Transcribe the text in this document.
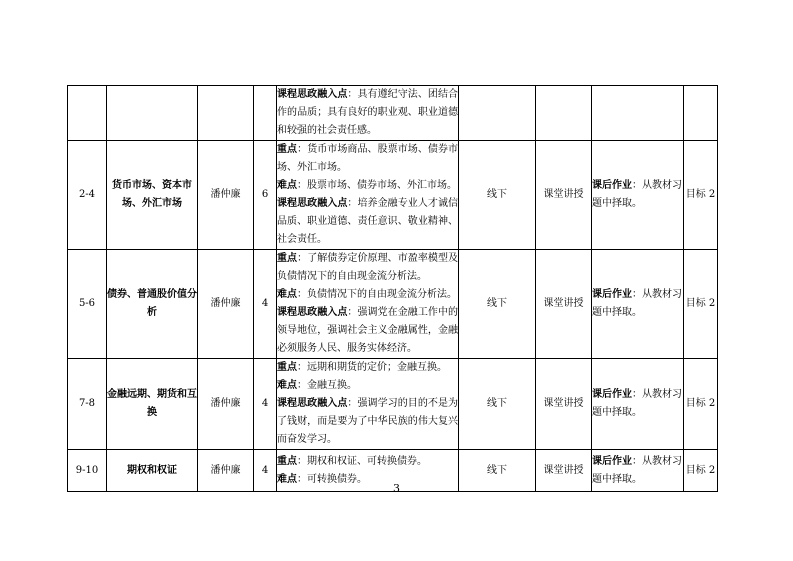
				课程思政融入点：具有遵纪守法、团结合作的品质；具有良好的职业观、职业道德和较强的社会责任感。				
2-4	货币市场、资本市场、外汇市场	潘仲廉	6	重点：货币市场商品、股票市场、债券市场、外汇市场。
难点：股票市场、债券市场、外汇市场。
课程思政融入点：培养金融专业人才诚信品质、职业道德、责任意识、敬业精神、社会责任。	线下	课堂讲授	课后作业：从教材习题中择取。	目标 2
5-6	债券、普通股价值分析	潘仲廉	4	重点：了解债券定价原理、市盈率模型及负债情况下的自由现金流分析法。
难点：负债情况下的自由现金流分析法。
课程思政融入点：强调党在金融工作中的领导地位，强调社会主义金融属性，金融必须服务人民、服务实体经济。	线下	课堂讲授	课后作业：从教材习题中择取。	目标 2
7-8	金融远期、期货和互换	潘仲廉	4	重点：远期和期货的定价；金融互换。
难点：金融互换。
课程思政融入点：强调学习的目的不是为了钱财，而是要为了中华民族的伟大复兴而奋发学习。	线下	课堂讲授	课后作业：从教材习题中择取。	目标 2
9-10	期权和权证	潘仲廉	4	重点：期权和权证、可转换债券。
难点：可转换债券。	线下	课堂讲授	课后作业：从教材习题中择取。	目标 2
3
